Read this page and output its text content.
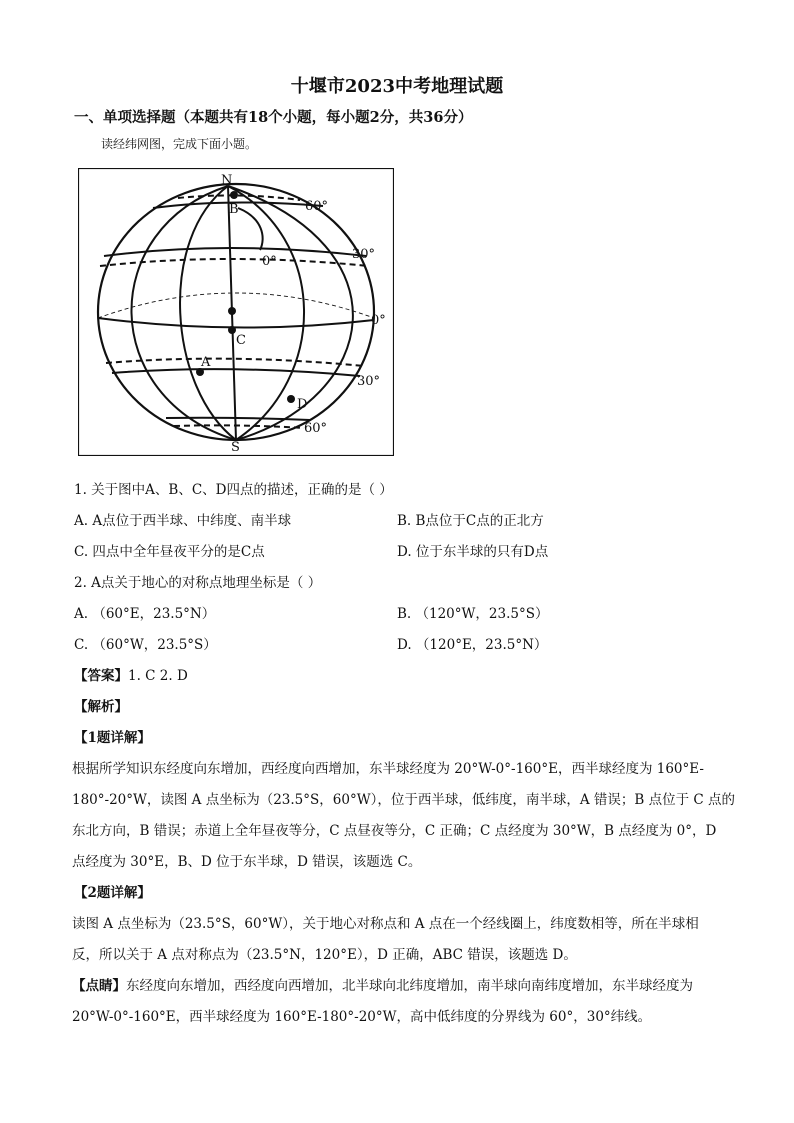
十堰市2023中考地理试题
一、单项选择题（本题共有18个小题，每小题2分，共36分）
读经纬网图，完成下面小题。
N
S
60°
30°
0°
30°
60°
0°
B
C
A
D
1. 关于图中A、B、C、D四点的描述，正确的是（ ）
A. A点位于西半球、中纬度、南半球	B. B点位于C点的正北方
C. 四点中全年昼夜平分的是C点	D. 位于东半球的只有D点
2. A点关于地心的对称点地理坐标是（ ）
A. （60°E，23.5°N）	B. （120°W，23.5°S）
C. （60°W，23.5°S）	D. （120°E，23.5°N）
【答案】1. C 2. D
【解析】
【1题详解】
根据所学知识东经度向东增加，西经度向西增加，东半球经度为 20°W-0°-160°E，西半球经度为 160°E-
180°-20°W，读图 A 点坐标为（23.5°S，60°W），位于西半球，低纬度，南半球，A 错误；B 点位于 C 点的
东北方向，B 错误；赤道上全年昼夜等分，C 点昼夜等分，C 正确；C 点经度为 30°W，B 点经度为 0°，D
点经度为 30°E，B、D 位于东半球，D 错误，该题选 C。
【2题详解】
读图 A 点坐标为（23.5°S，60°W），关于地心对称点和 A 点在一个经线圈上，纬度数相等，所在半球相
反，所以关于 A 点对称点为（23.5°N，120°E），D 正确，ABC 错误，该题选 D。
【点睛】东经度向东增加，西经度向西增加，北半球向北纬度增加，南半球向南纬度增加，东半球经度为
20°W-0°-160°E，西半球经度为 160°E-180°-20°W，高中低纬度的分界线为 60°，30°纬线。
